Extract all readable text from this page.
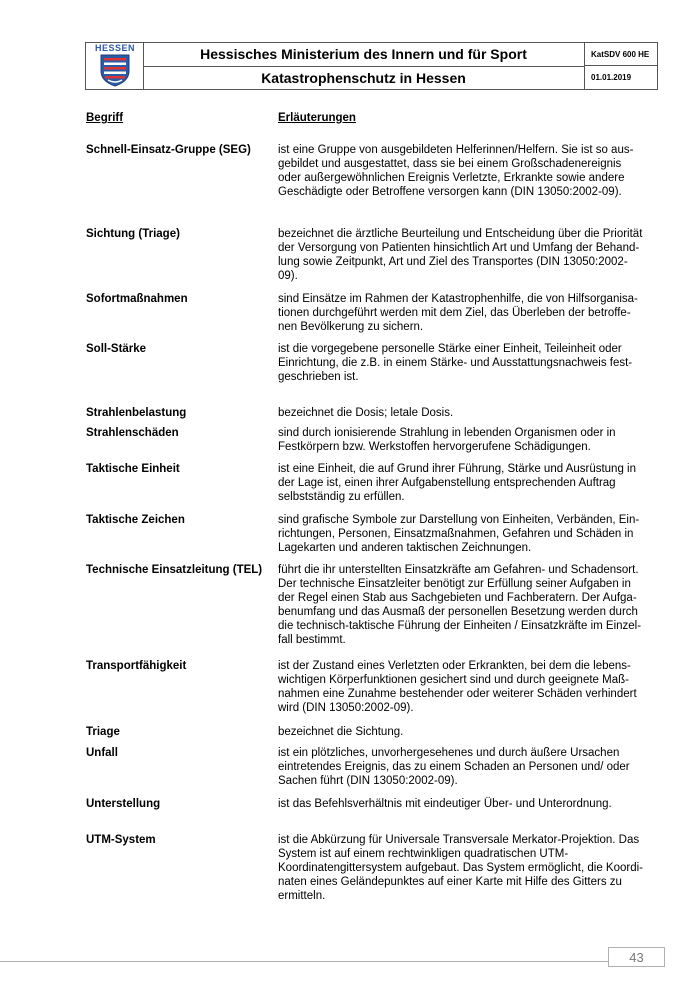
HESSEN	Hessisches Ministerium des Innern und für Sport
Katastrophenschutz in Hessen
KatSDV 600 HE
01.01.2019
Begriff	Erläuterungen
Schnell-Einsatz-Gruppe (SEG)	ist eine Gruppe von ausgebildeten Helferinnen/Helfern. Sie ist so aus-
gebildet und ausgestattet, dass sie bei einem Großschadenereignis
oder außergewöhnlichen Ereignis Verletzte, Erkrankte sowie andere
Geschädigte oder Betroffene versorgen kann (DIN 13050:2002-09).
Sichtung (Triage)	bezeichnet die ärztliche Beurteilung und Entscheidung über die Priorität
der Versorgung von Patienten hinsichtlich Art und Umfang der Behand-
lung sowie Zeitpunkt, Art und Ziel des Transportes (DIN 13050:2002-
09).
Sofortmaßnahmen	sind Einsätze im Rahmen der Katastrophenhilfe, die von Hilfsorganisa-
tionen durchgeführt werden mit dem Ziel, das Überleben der betroffe-
nen Bevölkerung zu sichern.
Soll-Stärke	ist die vorgegebene personelle Stärke einer Einheit, Teileinheit oder
Einrichtung, die z.B. in einem Stärke- und Ausstattungsnachweis fest-
geschrieben ist.
Strahlenbelastung	bezeichnet die Dosis; letale Dosis.
Strahlenschäden	sind durch ionisierende Strahlung in lebenden Organismen oder in
Festkörpern bzw. Werkstoffen hervorgerufene Schädigungen.
Taktische Einheit	ist eine Einheit, die auf Grund ihrer Führung, Stärke und Ausrüstung in
der Lage ist, einen ihrer Aufgabenstellung entsprechenden Auftrag
selbstständig zu erfüllen.
Taktische Zeichen	sind grafische Symbole zur Darstellung von Einheiten, Verbänden, Ein-
richtungen, Personen, Einsatzmaßnahmen, Gefahren und Schäden in
Lagekarten und anderen taktischen Zeichnungen.
Technische Einsatzleitung (TEL)	führt die ihr unterstellten Einsatzkräfte am Gefahren- und Schadensort.
Der technische Einsatzleiter benötigt zur Erfüllung seiner Aufgaben in
der Regel einen Stab aus Sachgebieten und Fachberatern. Der Aufga-
benumfang und das Ausmaß der personellen Besetzung werden durch
die technisch-taktische Führung der Einheiten / Einsatzkräfte im Einzel-
fall bestimmt.
Transportfähigkeit	ist der Zustand eines Verletzten oder Erkrankten, bei dem die lebens-
wichtigen Körperfunktionen gesichert sind und durch geeignete Maß-
nahmen eine Zunahme bestehender oder weiterer Schäden verhindert
wird (DIN 13050:2002-09).
Triage	bezeichnet die Sichtung.
Unfall	ist ein plötzliches, unvorhergesehenes und durch äußere Ursachen
eintretendes Ereignis, das zu einem Schaden an Personen und/ oder
Sachen führt (DIN 13050:2002-09).
Unterstellung	ist das Befehlsverhältnis mit eindeutiger Über- und Unterordnung.
UTM-System	ist die Abkürzung für Universale Transversale Merkator-Projektion. Das
System ist auf einem rechtwinkligen quadratischen UTM-
Koordinatengittersystem aufgebaut. Das System ermöglicht, die Koordi-
naten eines Geländepunktes auf einer Karte mit Hilfe des Gitters zu
ermitteln.
43
